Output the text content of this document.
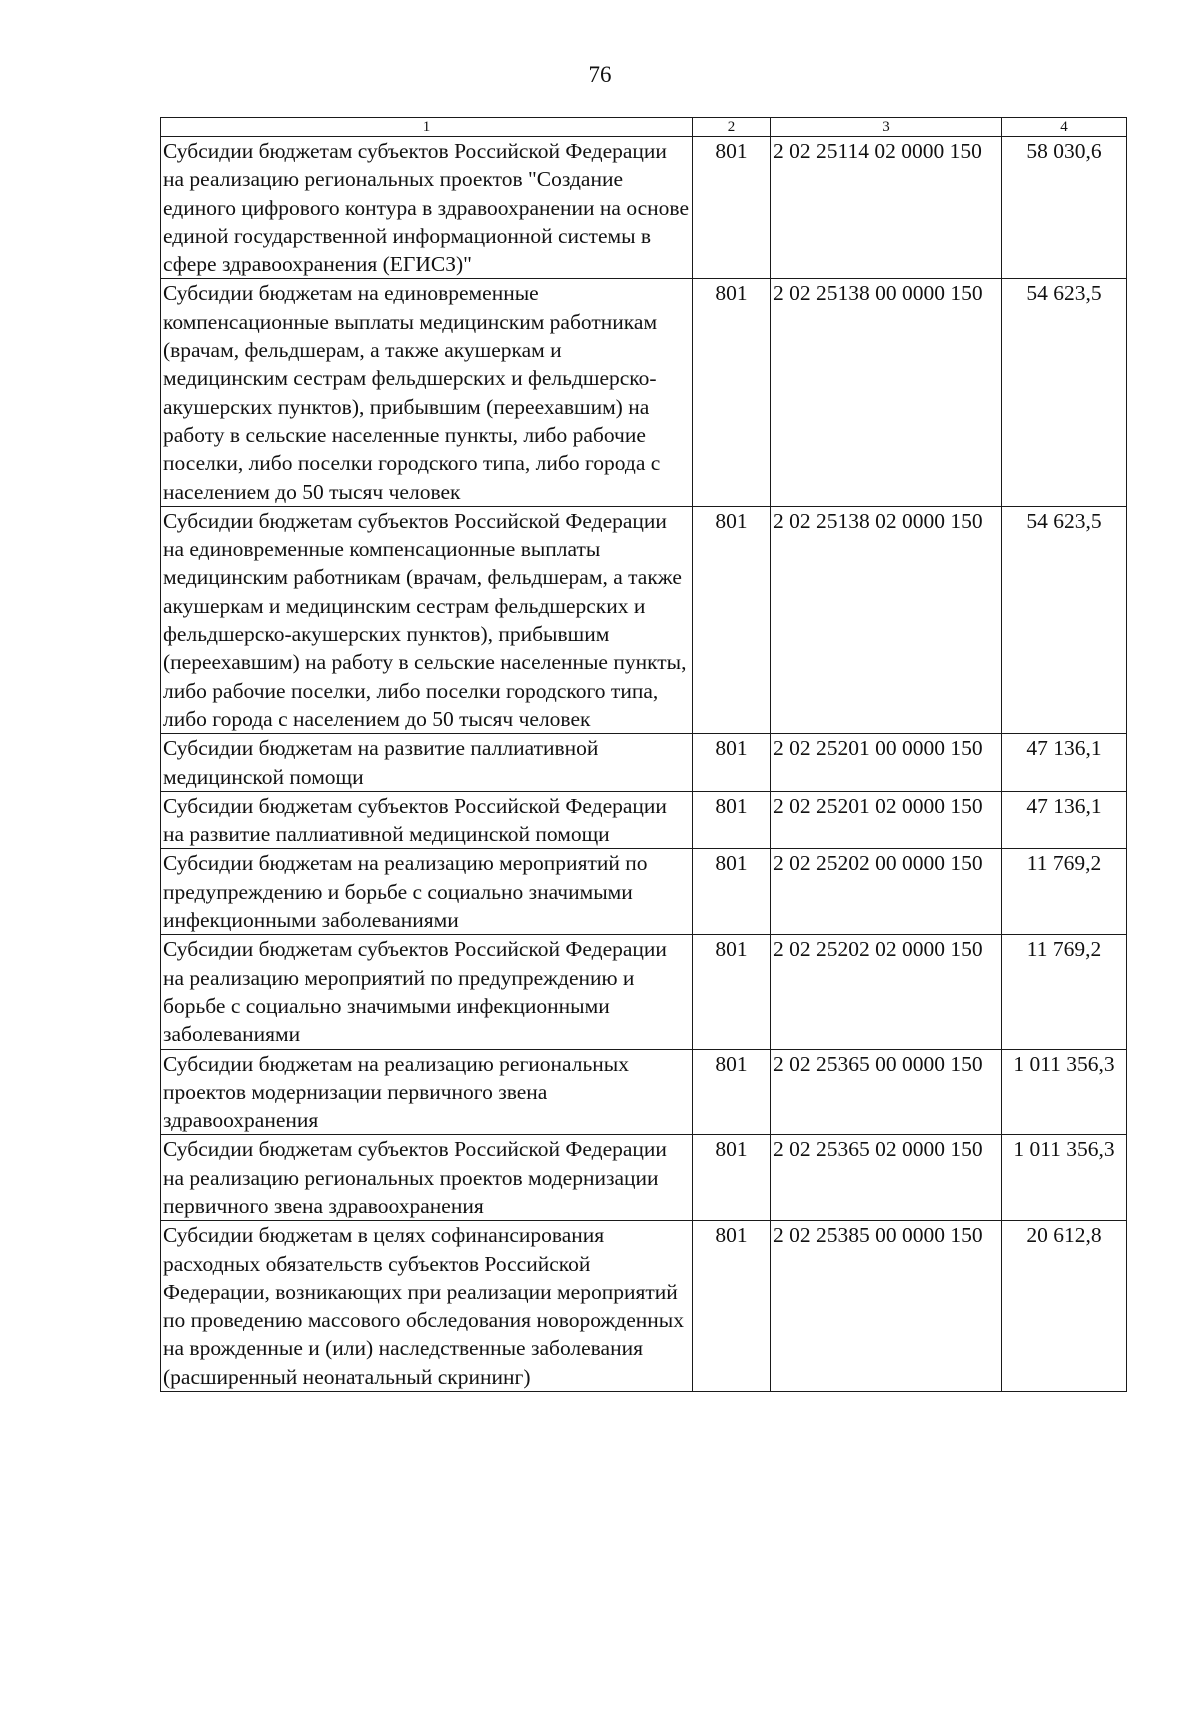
76
1	2	3	4
Субсидии бюджетам субъектов Российской Федерации на реализацию региональных проектов "Создание единого цифрового контура в здравоохранении на основе единой государственной информационной системы в сфере здравоохранения (ЕГИСЗ)"	801	2 02 25114 02 0000 150	58 030,6
Субсидии бюджетам на единовременные компенсационные выплаты медицинским работникам (врачам, фельдшерам, а также акушеркам и медицинским сестрам фельдшерских и фельдшерско-акушерских пунктов), прибывшим (переехавшим) на работу в сельские населенные пункты, либо рабочие поселки, либо поселки городского типа, либо города с населением до 50 тысяч человек	801	2 02 25138 00 0000 150	54 623,5
Субсидии бюджетам субъектов Российской Федерации на единовременные компенсационные выплаты медицинским работникам (врачам, фельдшерам, а также акушеркам и медицинским сестрам фельдшерских и фельдшерско-акушерских пунктов), прибывшим (переехавшим) на работу в сельские населенные пункты, либо рабочие поселки, либо поселки городского типа, либо города с населением до 50 тысяч человек	801	2 02 25138 02 0000 150	54 623,5
Субсидии бюджетам на развитие паллиативной медицинской помощи	801	2 02 25201 00 0000 150	47 136,1
Субсидии бюджетам субъектов Российской Федерации на развитие паллиативной медицинской помощи	801	2 02 25201 02 0000 150	47 136,1
Субсидии бюджетам на реализацию мероприятий по предупреждению и борьбе с социально значимыми инфекционными заболеваниями	801	2 02 25202 00 0000 150	11 769,2
Субсидии бюджетам субъектов Российской Федерации на реализацию мероприятий по предупреждению и борьбе с социально значимыми инфекционными заболеваниями	801	2 02 25202 02 0000 150	11 769,2
Субсидии бюджетам на реализацию региональных проектов модернизации первичного звена здравоохранения	801	2 02 25365 00 0000 150	1 011 356,3
Субсидии бюджетам субъектов Российской Федерации на реализацию региональных проектов модернизации первичного звена здравоохранения	801	2 02 25365 02 0000 150	1 011 356,3
Субсидии бюджетам в целях софинансирования расходных обязательств субъектов Российской Федерации, возникающих при реализации мероприятий по проведению массового обследования новорожденных на врожденные и (или) наследственные заболевания (расширенный неонатальный скрининг)	801	2 02 25385 00 0000 150	20 612,8
